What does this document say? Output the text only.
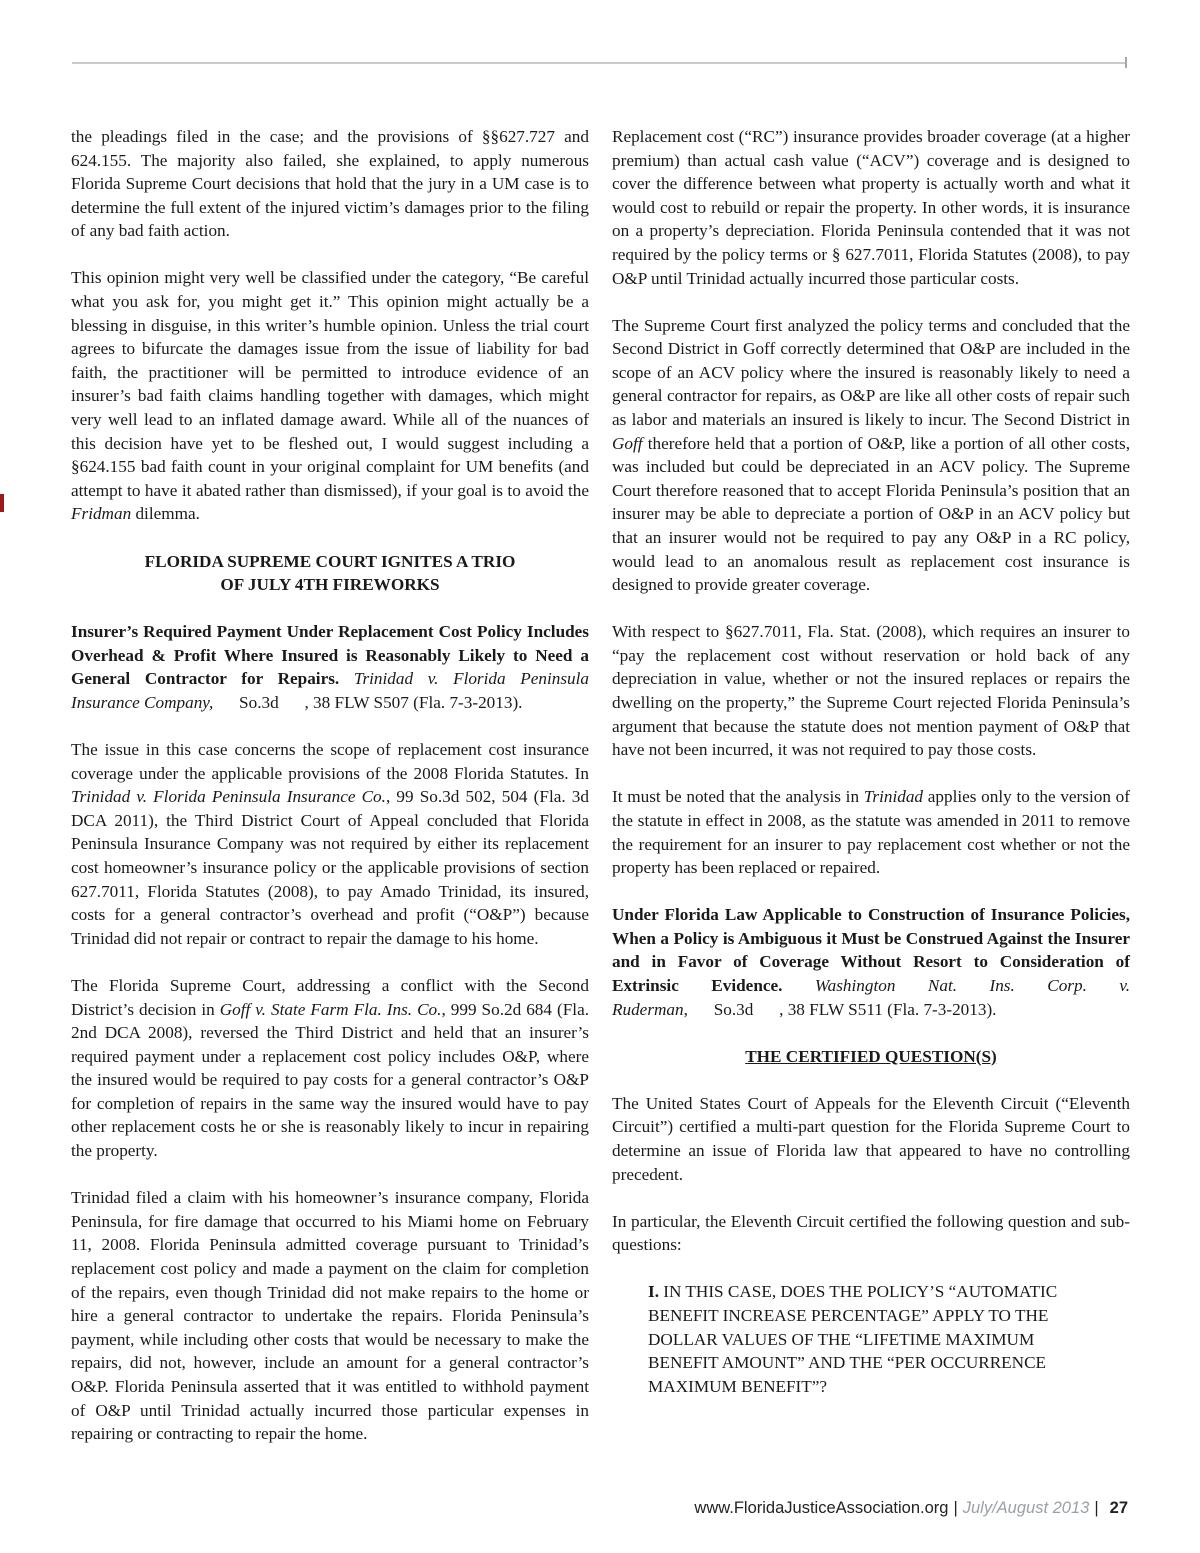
the pleadings filed in the case; and the provisions of §§627.727 and 624.155. The majority also failed, she explained, to apply numerous Florida Supreme Court decisions that hold that the jury in a UM case is to determine the full extent of the injured victim’s damages prior to the filing of any bad faith action.

This opinion might very well be classified under the category, “Be careful what you ask for, you might get it.” This opinion might actually be a blessing in disguise, in this writer’s humble opinion. Unless the trial court agrees to bifurcate the damages issue from the issue of liability for bad faith, the practitioner will be permitted to introduce evidence of an insurer’s bad faith claims handling together with damages, which might very well lead to an inflated damage award. While all of the nuances of this decision have yet to be fleshed out, I would suggest including a §624.155 bad faith count in your original complaint for UM benefits (and attempt to have it abated rather than dismissed), if your goal is to avoid the Fridman dilemma.

FLORIDA SUPREME COURT IGNITES A TRIO
OF JULY 4TH FIREWORKS

Insurer’s Required Payment Under Replacement Cost Policy Includes Overhead & Profit Where Insured is Reasonably Likely to Need a General Contractor for Repairs. Trinidad v. Florida Peninsula Insurance Company,      So.3d      , 38 FLW S507 (Fla. 7-3-2013).

The issue in this case concerns the scope of replacement cost insurance coverage under the applicable provisions of the 2008 Florida Statutes. In Trinidad v. Florida Peninsula Insurance Co., 99 So.3d 502, 504 (Fla. 3d DCA 2011), the Third District Court of Appeal concluded that Florida Peninsula Insurance Company was not required by either its replacement cost homeowner’s insurance policy or the applicable provisions of section 627.7011, Florida Statutes (2008), to pay Amado Trinidad, its insured, costs for a general contractor’s overhead and profit (“O&P”) because Trinidad did not repair or contract to repair the damage to his home.

The Florida Supreme Court, addressing a conflict with the Second District’s decision in Goff v. State Farm Fla. Ins. Co., 999 So.2d 684 (Fla. 2nd DCA 2008), reversed the Third District and held that an insurer’s required payment under a replacement cost policy includes O&P, where the insured would be required to pay costs for a general contractor’s O&P for completion of repairs in the same way the insured would have to pay other replacement costs he or she is reasonably likely to incur in repairing the property.

Trinidad filed a claim with his homeowner’s insurance company, Florida Peninsula, for fire damage that occurred to his Miami home on February 11, 2008. Florida Peninsula admitted coverage pursuant to Trinidad’s replacement cost policy and made a payment on the claim for completion of the repairs, even though Trinidad did not make repairs to the home or hire a general contractor to undertake the repairs. Florida Peninsula’s payment, while including other costs that would be necessary to make the repairs, did not, however, include an amount for a general contractor’s O&P. Florida Peninsula asserted that it was entitled to withhold payment of O&P until Trinidad actually incurred those particular expenses in repairing or contracting to repair the home.

Replacement cost (“RC”) insurance provides broader coverage (at a higher premium) than actual cash value (“ACV”) coverage and is designed to cover the difference between what property is actually worth and what it would cost to rebuild or repair the property. In other words, it is insurance on a property’s depreciation. Florida Peninsula contended that it was not required by the policy terms or § 627.7011, Florida Statutes (2008), to pay O&P until Trinidad actually incurred those particular costs.

The Supreme Court first analyzed the policy terms and concluded that the Second District in Goff correctly determined that O&P are included in the scope of an ACV policy where the insured is reasonably likely to need a general contractor for repairs, as O&P are like all other costs of repair such as labor and materials an insured is likely to incur. The Second District in Goff therefore held that a portion of O&P, like a portion of all other costs, was included but could be depreciated in an ACV policy. The Supreme Court therefore reasoned that to accept Florida Peninsula’s position that an insurer may be able to depreciate a portion of O&P in an ACV policy but that an insurer would not be required to pay any O&P in a RC policy, would lead to an anomalous result as replacement cost insurance is designed to provide greater coverage.

With respect to §627.7011, Fla. Stat. (2008), which requires an insurer to “pay the replacement cost without reservation or hold back of any depreciation in value, whether or not the insured replaces or repairs the dwelling on the property,” the Supreme Court rejected Florida Peninsula’s argument that because the statute does not mention payment of O&P that have not been incurred, it was not required to pay those costs.

It must be noted that the analysis in Trinidad applies only to the version of the statute in effect in 2008, as the statute was amended in 2011 to remove the requirement for an insurer to pay replacement cost whether or not the property has been replaced or repaired.

Under Florida Law Applicable to Construction of Insurance Policies, When a Policy is Ambiguous it Must be Construed Against the Insurer and in Favor of Coverage Without Resort to Consideration of Extrinsic Evidence. Washington Nat. Ins. Corp. v. Ruderman,      So.3d      , 38 FLW S511 (Fla. 7-3-2013).

THE CERTIFIED QUESTION(S)

The United States Court of Appeals for the Eleventh Circuit (“Eleventh Circuit”) certified a multi-part question for the Florida Supreme Court to determine an issue of Florida law that appeared to have no controlling precedent.

In particular, the Eleventh Circuit certified the following question and sub-questions:

I. IN THIS CASE, DOES THE POLICY’S “AUTOMATIC BENEFIT INCREASE PERCENTAGE” APPLY TO THE DOLLAR VALUES OF THE “LIFETIME MAXIMUM BENEFIT AMOUNT” AND THE “PER OCCURRENCE MAXIMUM BENEFIT”?
www.FloridaJusticeAssociation.org | July/August 2013 | 27
